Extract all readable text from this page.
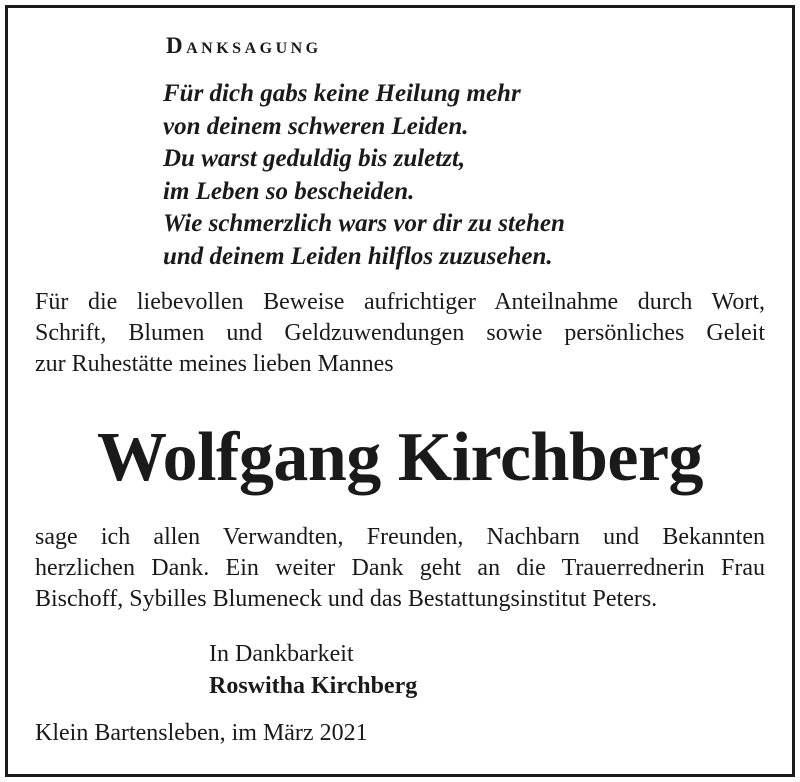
Danksagung
Für dich gabs keine Heilung mehr
von deinem schweren Leiden.
Du warst geduldig bis zuletzt,
im Leben so bescheiden.
Wie schmerzlich wars vor dir zu stehen
und deinem Leiden hilflos zuzusehen.
Für die liebevollen Beweise aufrichtiger Anteilnahme durch Wort,
Schrift, Blumen und Geldzuwendungen sowie persönliches Geleit
zur Ruhestätte meines lieben Mannes
Wolfgang Kirchberg
sage ich allen Verwandten, Freunden, Nachbarn und Bekannten
herzlichen Dank. Ein weiter Dank geht an die Trauerrednerin Frau
Bischoff, Sybilles Blumeneck und das Bestattungsinstitut Peters.
In Dankbarkeit
Roswitha Kirchberg
Klein Bartensleben, im März 2021
